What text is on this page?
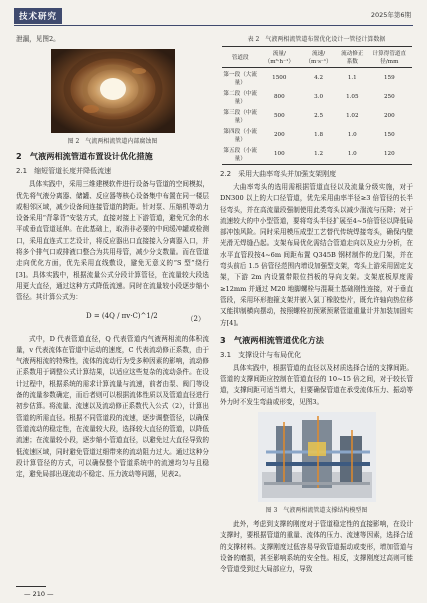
技术研究	2025年第6期

泄漏，见图2。

图 2　气流两相流管道内部腐蚀图
2　气液两相流管道布置设计优化措施
2.1　缩短管道长度并降低流速

具体实践中，采用三维建模软件进行设备与管道的空间模拟，优先将气液分离器、储罐、反应器等核心设备集中布置在同一楼层或相邻区域，减少设备间连接管道的跨距。针对泵、压缩机等动力设备采用“背靠背”安装方式，直接对接上下游管道，避免冗余的水平或垂直管道延伸。在此基础上，取消非必要的中间缓冲罐或检测口，采用直连式工艺设计，将反应器出口直接接入分离器入口，并将多个排气口或排液口整合为共用母管，减少分支数量。而在管道走向优化方面，优先采用直线敷设，避免无意义的“S 型”绕行[3]。具体实践中，根据流量公式分段计算管径，在流量较大段选用更大直径，通过这种方式降低流速。同时在流量较小段逐步缩小管径。其计算公式为：

D = (4Q / πv·C)^1/2	（2）

式中，D 代表管道直径，Q 代表管道内气液两相流的体积流量，v 代表流体在管道中运动的速度，C 代表流动修正系数，由于气液两相流的特殊性，流体的流动行为受多种因素的影响，流动修正系数用于调整公式计算结果，以适应这些复杂的流动条件。在设计过程中，根据系统的需求计算流量与流速，前者由泵、阀门等设备的流量参数确定，而后者则可以根据流体性质以及管道直径进行初步估算。将流量、流速以及流动修正系数代入公式（2），计算出管道的所需直径。根据不同管道段的流速，逐步调整管径，以确保管道流动的稳定性，在流量较大段，选择较大直径的管道，以降低流速；在流量较小段，逐步缩小管道直径，以避免过大直径导致的低流速区域，同时避免管道过细带来的流动阻力过大。通过这种分段计算管径的方式，可以确保整个管道系统中的流速均匀与且稳定，避免局部出现流动不稳定、压力波动等问题，见表2。

表 2　气液两相流管道布置优化设计一管径计算数据
管道段	流量/（m³·h⁻¹）	流速/（m·s⁻¹）	流动修正系数	计算得管道直径/mm
第一段（大流量）	1500	4.2	1.1	159
第二段（中流量）	800	3.0	1.05	250
第三段（中流量）	500	2.5	1.02	200
第四段（小流量）	200	1.8	1.0	150
第五段（小流量）	100	1.2	1.0	120
2.2　采用大曲率弯头并加强支架刚度

大曲率弯头的选用需根据管道直径以及流量分级实施，对于 DN300 以上的大口径管道，优先采用曲率半径≥3 倍管径的长半径弯头，并在高流量段强制使用此类弯头以减少湍流与压降；对于流速较大的中小型管道，要将弯头半径扩展至4~5倍管径以降低局部冲蚀风险。同时采用模压成型工艺替代传统焊接弯头，确保内壁光滑无焊缝凸起。支架布局优化需结合管道走向以及应力分析，在水平直管段按4~6m 间距布置 Q345B 钢材制作的龙门架，并在弯头前后 1.5 倍管径范围内增设加强型支架，弯头上游采用固定支架，下游 2m 内设置带限位挡板的导向支架。支架底板厚度需≥12mm 并通过 M20 地脚螺栓与混凝土基础刚性连接，对于垂直管段，采用环形抱箍支架并嵌入氯丁橡胶垫片，既允许轴向热位移又能抑制横向摆动，按照螺栓初预紧预紧管道重量计并加装加固实方[4]。

3　气液两相流管道优化方法
3.1　支撑设计与布局优化

具体实践中，根据管道的直径以及材质选择合适的支撑间距。管道的支撑间距应控制在管道直径的 10~15 倍之间，对于较长管道，支撑间距可适当增大，但要确保管道在承受流体压力、振动等外力时不发生弯曲或形变，见图3。

图 3　气液两相流管道支撑结构模型图

此外，考虑到支撑的刚度对于管道稳定性的直接影响，在设计支撑时，要根据管道的重量、流体的压力、流速等因素，选择合适的支撑材料。支撑刚度过低容易导致管道振动或变形，增加管道与设备的磨损，甚至影响系统的安全性。相反，支撑刚度过高则可能令管道受到过大局部应力，导致

— 210 —
